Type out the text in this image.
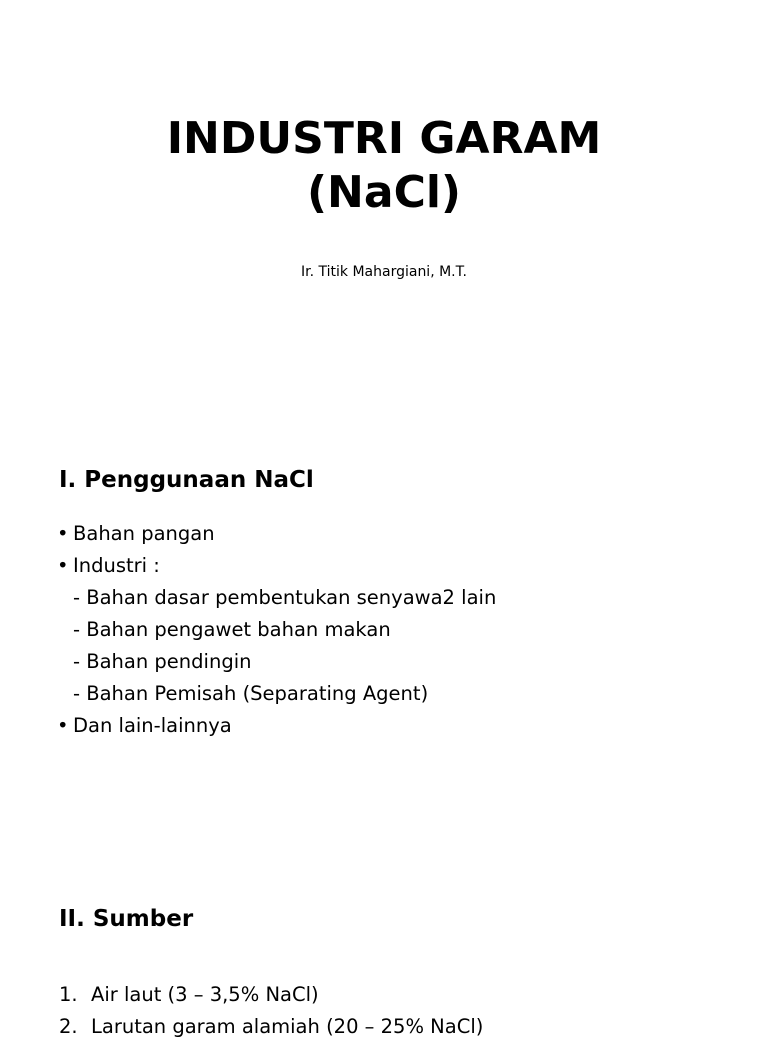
INDUSTRI GARAM
(NaCl)
Ir. Titik Mahargiani, M.T.
I. Penggunaan NaCl
• Bahan pangan
• Industri :
- Bahan dasar pembentukan senyawa2 lain
- Bahan pengawet bahan makan
- Bahan pendingin
- Bahan Pemisah (Separating Agent)
• Dan lain-lainnya
II. Sumber
1. Air laut (3 – 3,5% NaCl)
2. Larutan garam alamiah (20 – 25% NaCl)
